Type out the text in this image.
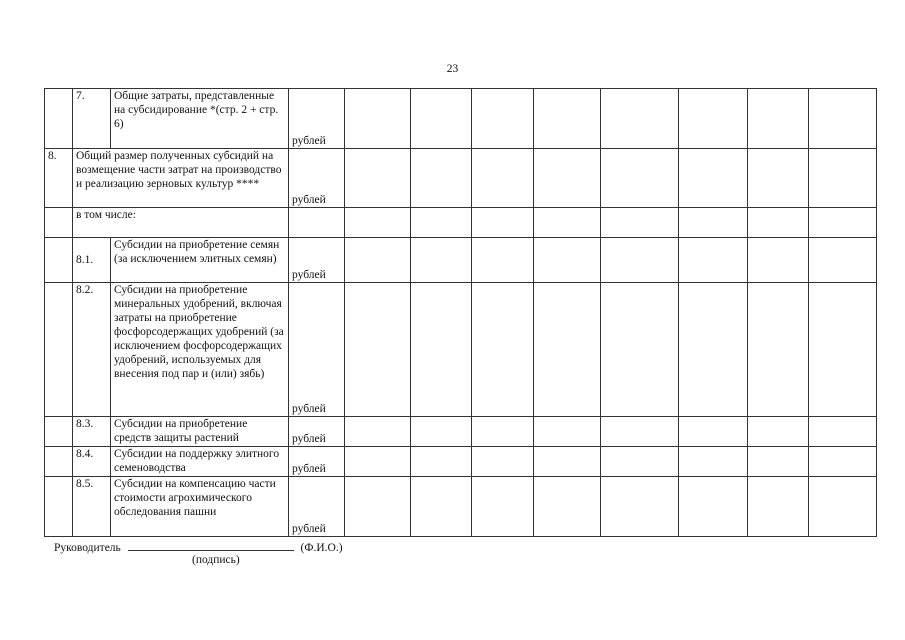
23
	7.	Общие затраты, представленные на субсидирование *(стр. 2 + стр. 6)	рублей								
8.	Общий размер полученных субсидий на возмещение части затрат на производство и реализацию зерновых культур ****		рублей								
	в том числе:										
	8.1.	Субсидии на приобретение семян (за исключением элитных семян)	рублей								
	8.2.	Субсидии на приобретение минеральных удобрений, включая затраты на приобретение фосфорсодержащих удобрений (за исключением фосфорсодержащих удобрений, используемых для внесения под пар и (или) зябь)	рублей								
	8.3.	Субсидии на приобретение средств защиты растений	рублей								
	8.4.	Субсидии на поддержку элитного семеноводства	рублей								
	8.5.	Субсидии на компенсацию части стоимости агрохимического обследования пашни	рублей								
Руководитель	(Ф.И.О.)
(подпись)
